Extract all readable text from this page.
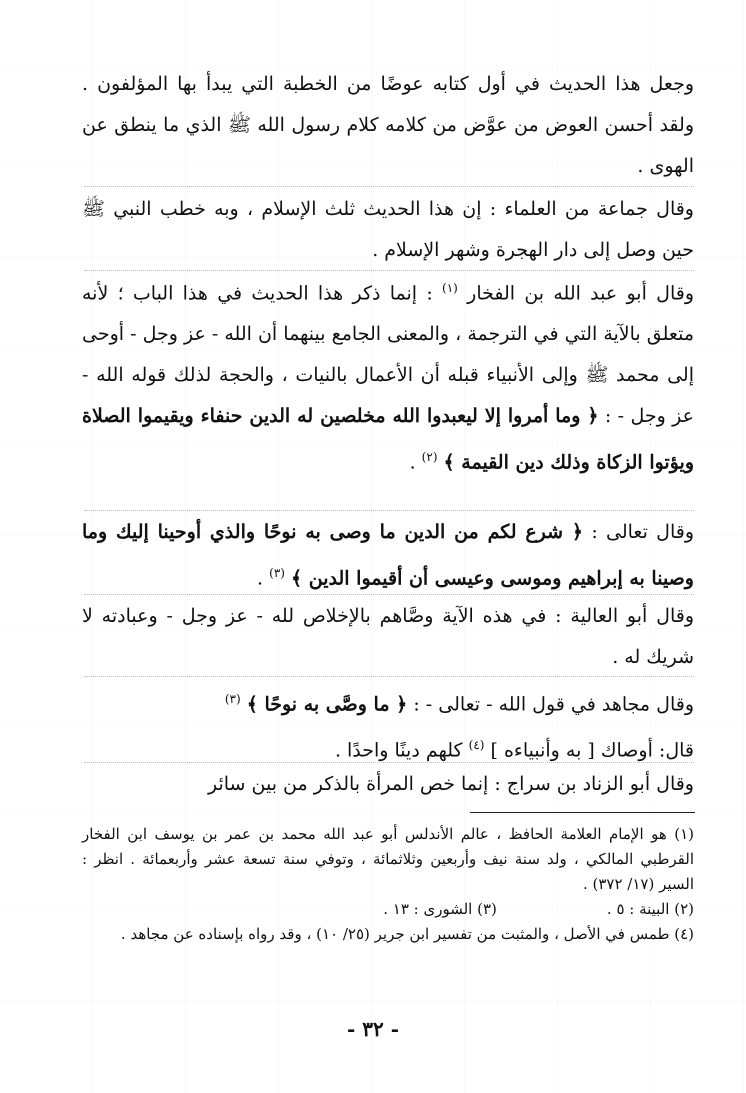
وجعل هذا الحديث في أول كتابه عوضًا من الخطبة التي يبدأ بها المؤلفون . ولقد أحسن العوض من عوَّض من كلامه كلام رسول الله ﷺ الذي ما ينطق عن الهوى .

وقال جماعة من العلماء : إن هذا الحديث ثلث الإسلام ، وبه خطب النبي ﷺ حين وصل إلى دار الهجرة وشهر الإسلام .

وقال أبو عبد الله بن الفخار $^{(١)}$ : إنما ذكر هذا الحديث في هذا الباب ؛ لأنه متعلق بالآية التي في الترجمة ، والمعنى الجامع بينهما أن الله - عز وجل - أوحى إلى محمد ﷺ وإلى الأنبياء قبله أن الأعمال بالنيات ، والحجة لذلك قوله الله - عز وجل - : ﴿ وما أمروا إلا ليعبدوا الله مخلصين له الدين حنفاء ويقيموا الصلاة ويؤتوا الزكاة وذلك دين القيمة ﴾ $^{(٢)}$ .

وقال تعالى : ﴿ شرع لكم من الدين ما وصى به نوحًا والذي أوحينا إليك وما وصينا به إبراهيم وموسى وعيسى أن أقيموا الدين ﴾ $^{(٣)}$ .

وقال أبو العالية : في هذه الآية وصَّاهم بالإخلاص لله - عز وجل - وعبادته لا شريك له .

وقال مجاهد في قول الله - تعالى - : ﴿ ما وصَّى به نوحًا ﴾ $^{(٣)}$

قال: أوصاك [ به وأنبياءه ] $^{(٤)}$ كلهم دينًا واحدًا .

وقال أبو الزناد بن سراج : إنما خص المرأة بالذكر من بين سائر

(١) هو الإمام العلامة الحافظ ، عالم الأندلس أبو عبد الله محمد بن عمر بن يوسف ابن الفخار القرطبي المالكي ، ولد سنة نيف وأربعين وثلاثمائة ، وتوفي سنة تسعة عشر وأربعمائة . انظر : السير (١٧/ ٣٧٢) .

(٢) البينة : ٥ .

(٣) الشورى : ١٣ .

(٤) طمس في الأصل ، والمثبت من تفسير ابن جرير (٢٥/ ١٠) ، وقد رواه بإسناده عن مجاهد .

- ٣٢ -
